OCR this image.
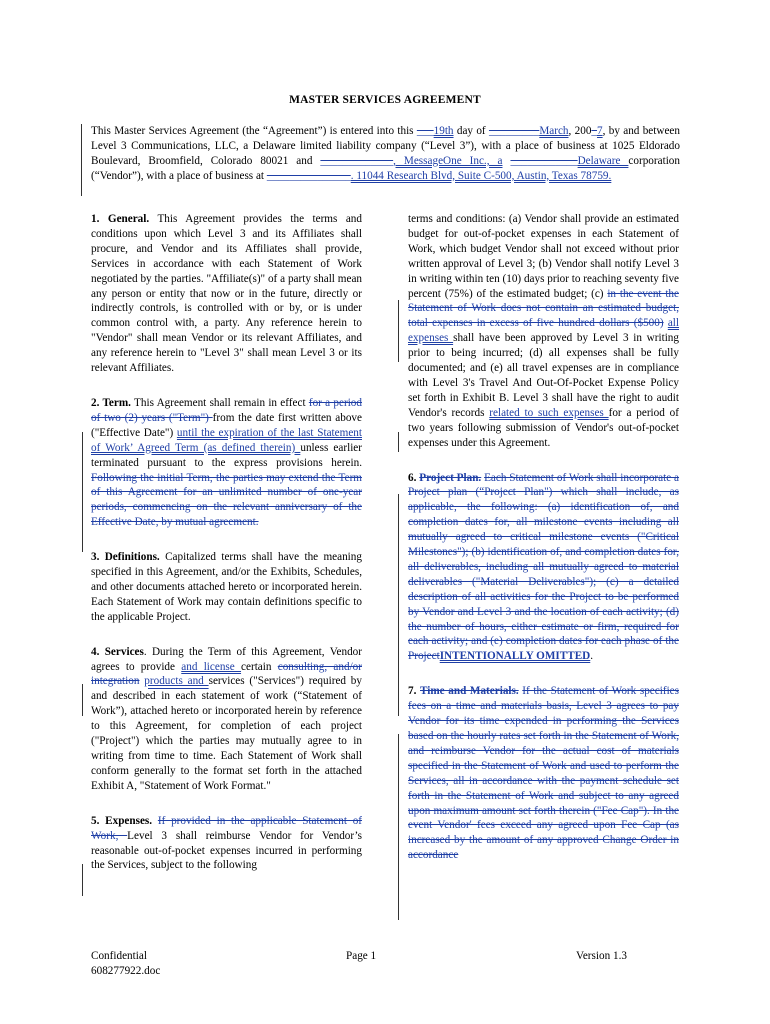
MASTER SERVICES AGREEMENT

This Master Services Agreement (the “Agreement”) is entered into this ___19th day of _________March, 200_7, by and between Level 3 Communications, LLC, a Delaware limited liability company (“Level 3”), with a place of business at 1025 Eldorado Boulevard, Broomfield, Colorado 80021 and _____________, MessageOne Inc., a ____________Delaware corporation (“Vendor”), with a place of business at _______________. 11044 Research Blvd, Suite C-500, Austin, Texas 78759.

1. General. This Agreement provides the terms and conditions upon which Level 3 and its Affiliates shall procure, and Vendor and its Affiliates shall provide, Services in accordance with each Statement of Work negotiated by the parties. "Affiliate(s)" of a party shall mean any person or entity that now or in the future, directly or indirectly controls, is controlled with or by, or is under common control with, a party. Any reference herein to "Vendor" shall mean Vendor or its relevant Affiliates, and any reference herein to "Level 3" shall mean Level 3 or its relevant Affiliates.

2. Term. This Agreement shall remain in effect for a period of two (2) years ("Term") from the date first written above ("Effective Date") until the expiration of the last Statement of Work’ Agreed Term (as defined therein) unless earlier terminated pursuant to the express provisions herein. Following the initial Term, the parties may extend the Term of this Agreement for an unlimited number of one-year periods, commencing on the relevant anniversary of the Effective Date, by mutual agreement.

3. Definitions. Capitalized terms shall have the meaning specified in this Agreement, and/or the Exhibits, Schedules, and other documents attached hereto or incorporated herein. Each Statement of Work may contain definitions specific to the applicable Project.

4. Services. During the Term of this Agreement, Vendor agrees to provide and license certain consulting, and/or integration products and services ("Services") required by and described in each statement of work (“Statement of Work”), attached hereto or incorporated herein by reference to this Agreement, for completion of each project ("Project") which the parties may mutually agree to in writing from time to time. Each Statement of Work shall conform generally to the format set forth in the attached Exhibit A, "Statement of Work Format."

5. Expenses. If provided in the applicable Statement of Work, Level 3 shall reimburse Vendor for Vendor’s reasonable out-of-pocket expenses incurred in performing the Services, subject to the following

terms and conditions: (a) Vendor shall provide an estimated budget for out-of-pocket expenses in each Statement of Work, which budget Vendor shall not exceed without prior written approval of Level 3; (b) Vendor shall notify Level 3 in writing within ten (10) days prior to reaching seventy five percent (75%) of the estimated budget; (c) in the event the Statement of Work does not contain an estimated budget, total expenses in excess of five hundred dollars ($500) all expenses shall have been approved by Level 3 in writing prior to being incurred; (d) all expenses shall be fully documented; and (e) all travel expenses are in compliance with Level 3's Travel And Out-Of-Pocket Expense Policy set forth in Exhibit B. Level 3 shall have the right to audit Vendor's records related to such expenses for a period of two years following submission of Vendor's out-of-pocket expenses under this Agreement.

6. Project Plan. Each Statement of Work shall incorporate a Project plan (“Project Plan") which shall include, as applicable, the following: (a) identification of, and completion dates for, all milestone events including all mutually agreed to critical milestone events ("Critical Milestones"); (b) identification of, and completion dates for, all deliverables, including all mutually agreed to material deliverables ("Material Deliverables"); (c) a detailed description of all activities for the Project to be performed by Vendor and Level 3 and the location of each activity; (d) the number of hours, either estimate or firm, required for each activity; and (e) completion dates for each phase of the ProjectINTENTIONALLY OMITTED.

7. Time and Materials. If the Statement of Work specifies fees on a time and materials basis, Level 3 agrees to pay Vendor for its time expended in performing the Services based on the hourly rates set forth in the Statement of Work, and reimburse Vendor for the actual cost of materials specified in the Statement of Work and used to perform the Services, all in accordance with the payment schedule set forth in the Statement of Work and subject to any agreed upon maximum amount set forth therein ("Fee Cap"). In the event Vendor' fees exceed any agreed upon Fee Cap (as increased by the amount of any approved Change Order in accordance

Confidential
608277922.doc
Page 1	Version 1.3
